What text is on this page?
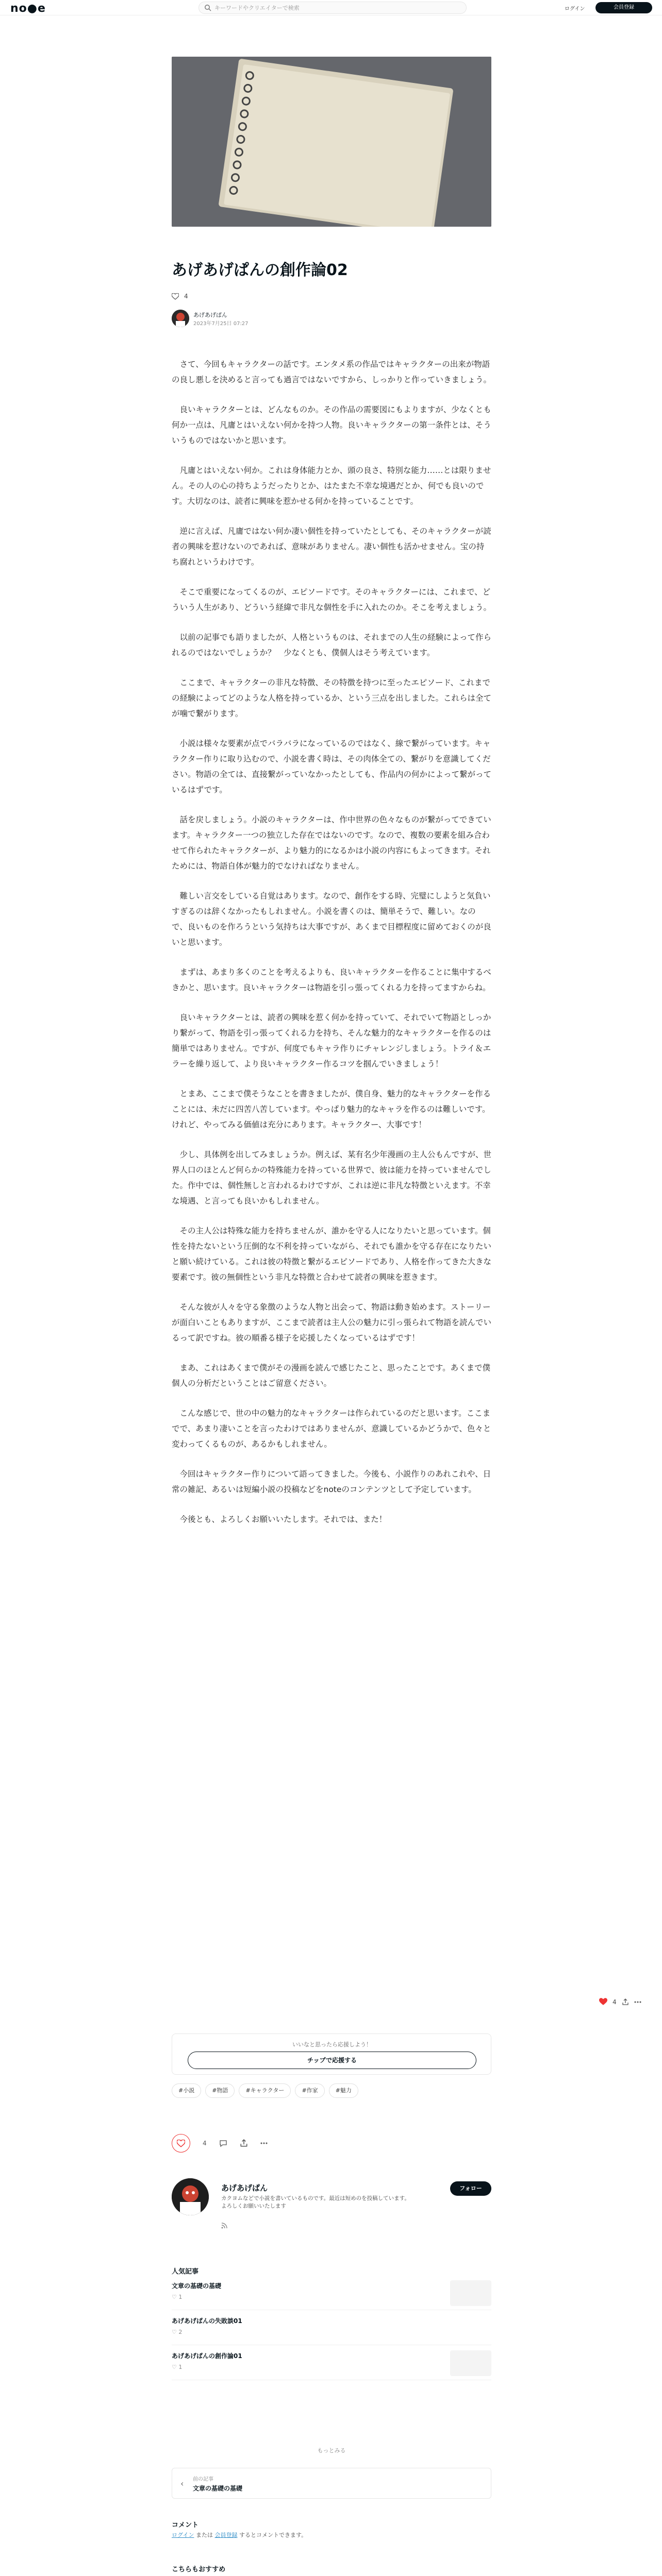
no●e
キーワードやクリエイターで検索	ログイン	会員登録
あげあげぱんの創作論02
4
あげあげぱん
2023年7月25日 07:27

　さて、今回もキャラクターの話です。エンタメ系の作品ではキャラクターの出来が物語の良し悪しを決めると言っても過言ではないですから、しっかりと作っていきましょう。

　良いキャラクターとは、どんなものか。その作品の需要図にもよりますが、少なくとも何か一点は、凡庸とはいえない何かを持つ人物。良いキャラクターの第一条件とは、そういうものではないかと思います。

　凡庸とはいえない何か。これは身体能力とか、頭の良さ、特別な能力……とは限りません。その人の心の持ちようだったりとか、はたまた不幸な境遇だとか、何でも良いのです。大切なのは、読者に興味を惹かせる何かを持っていることです。

　逆に言えば、凡庸ではない何か凄い個性を持っていたとしても、そのキャラクターが読者の興味を惹けないのであれば、意味がありません。凄い個性も活かせません。宝の持ち腐れというわけです。

　そこで重要になってくるのが、エピソードです。そのキャラクターには、これまで、どういう人生があり、どういう経緯で非凡な個性を手に入れたのか。そこを考えましょう。

　以前の記事でも語りましたが、人格というものは、それまでの人生の経験によって作られるのではないでしょうか？　少なくとも、僕個人はそう考えています。

　ここまで、キャラクターの非凡な特徴、その特徴を持つに至ったエピソード、これまでの経験によってどのような人格を持っているか、という三点を出しました。これらは全てが噛で繋がります。

　小説は様々な要素が点でバラバラになっているのではなく、線で繋がっています。キャラクター作りに取り込むので、小説を書く時は、その肉体全ての、繋がりを意識してください。物語の全ては、直接繋がっていなかったとしても、作品内の何かによって繋がっているはずです。

　話を戻しましょう。小説のキャラクターは、作中世界の色々なものが繋がってできています。キャラクター一つの独立した存在ではないのです。なので、複数の要素を組み合わせて作られたキャラクターが、より魅力的になるかは小説の内容にもよってきます。それためには、物語自体が魅力的でなければなりません。

　難しい言交をしている自覚はあります。なので、創作をする時、完璧にしようと気負いすぎるのは辞くなかったもしれません。小説を書くのは、簡単そうで、難しい。なので、良いものを作ろうという気持ちは大事ですが、あくまで目標程度に留めておくのが良いと思います。

　まずは、あまり多くのことを考えるよりも、良いキャラクターを作ることに集中するべきかと、思います。良いキャラクターは物語を引っ張ってくれる力を持ってますからね。

　良いキャラクターとは、読者の興味を惹く何かを持っていて、それでいて物語としっかり繋がって、物語を引っ張ってくれる力を持ち、そんな魅力的なキャラクターを作るのは簡単ではありません。ですが、何度でもキャラ作りにチャレンジしましょう。トライ＆エラーを繰り返して、より良いキャラクター作るコツを掴んでいきましょう！

　とまあ、ここまで僕そうなことを書きましたが、僕自身、魅力的なキャラクターを作ることには、未だに四苦八苦しています。やっぱり魅力的なキャラを作るのは難しいです。けれど、やってみる価値は充分にあります。キャラクター、大事です！

　少し、具体例を出してみましょうか。例えば、某有名少年漫画の主人公もんですが、世界人口のほとんど何らかの特殊能力を持っている世界で、彼は能力を持っていませんでした。作中では、個性無しと言われるわけですが、これは逆に非凡な特徴といえます。不幸な境遇、と言っても良いかもしれません。

　その主人公は特殊な能力を持ちませんが、誰かを守る人になりたいと思っています。個性を持たないという圧倒的な不利を持っていながら、それでも誰かを守る存在になりたいと願い続けている。これは彼の特徴と繋がるエピソードであり、人格を作ってきた大きな要素です。彼の無個性という非凡な特徴と合わせて読者の興味を惹きます。

　そんな彼が人々を守る象徴のような人物と出会って、物語は動き始めます。ストーリーが面白いこともありますが、ここまで読者は主人公の魅力に引っ張られて物語を読んでいるって訳ですね。彼の順番る様子を応援したくなっているはずです！

　まあ、これはあくまで僕がその漫画を読んで感じたこと、思ったことです。あくまで僕個人の分析だということはご留意ください。

　こんな感じで、世の中の魅力的なキャラクターは作られているのだと思います。ここまでで、あまり凄いことを言ったわけではありませんが、意識しているかどうかで、色々と変わってくるものが、あるかもしれません。

　今回はキャラクター作りについて語ってきました。今後も、小説作りのあれこれや、日常の雑記、あるいは短編小説の投稿などをnoteのコンテンツとして予定しています。

　今後とも、よろしくお願いいたします。それでは、また！

4
いいなと思ったら応援しよう！
チップで応援する
#小説	#物語	#キャラクター	#作家	#魅力
4
あげあげぱん
カクヨムなどで小説を書いているものです。最近は短めのを投稿しています。
よろしくお願いいたします
フォロー
人気記事
文章の基礎の基礎
♡ 1
あげあげぱんの失敗談01
♡ 2
あげあげぱんの創作論01
♡ 1
もっとみる
‹ 前の記事
文章の基礎の基礎
コメント
ログイン または 会員登録 するとコメントできます。
こちらもおすすめ
